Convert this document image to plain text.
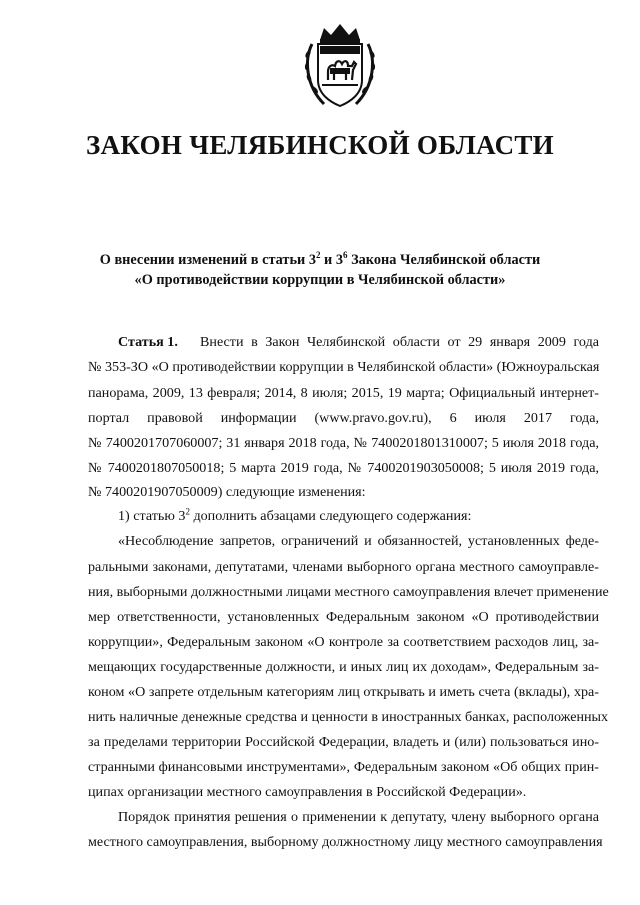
ЗАКОН ЧЕЛЯБИНСКОЙ ОБЛАСТИ
О внесении изменений в статьи $3^2$ и $3^6$ Закона Челябинской области
«О противодействии коррупции в Челябинской области»
Статья 1. Внести в Закон Челябинской области от 29 января 2009 года
№ 353-ЗО «О противодействии коррупции в Челябинской области» (Южноуральская
панорама, 2009, 13 февраля; 2014, 8 июля; 2015, 19 марта; Официальный интернет-
портал правовой информации (www.pravo.gov.ru), 6 июля 2017 года,
№ 7400201707060007; 31 января 2018 года, № 7400201801310007; 5 июля 2018 года,
№ 7400201807050018; 5 марта 2019 года, № 7400201903050008; 5 июля 2019 года,
№ 7400201907050009) следующие изменения:
1) статью $3^2$ дополнить абзацами следующего содержания:
«Несоблюдение запретов, ограничений и обязанностей, установленных феде-
ральными законами, депутатами, членами выборного органа местного самоуправле-
ния, выборными должностными лицами местного самоуправления влечет применение
мер ответственности, установленных Федеральным законом «О противодействии
коррупции», Федеральным законом «О контроле за соответствием расходов лиц, за-
мещающих государственные должности, и иных лиц их доходам», Федеральным за-
коном «О запрете отдельным категориям лиц открывать и иметь счета (вклады), хра-
нить наличные денежные средства и ценности в иностранных банках, расположенных
за пределами территории Российской Федерации, владеть и (или) пользоваться ино-
странными финансовыми инструментами», Федеральным законом «Об общих прин-
ципах организации местного самоуправления в Российской Федерации».
Порядок принятия решения о применении к депутату, члену выборного органа
местного самоуправления, выборному должностному лицу местного самоуправления
